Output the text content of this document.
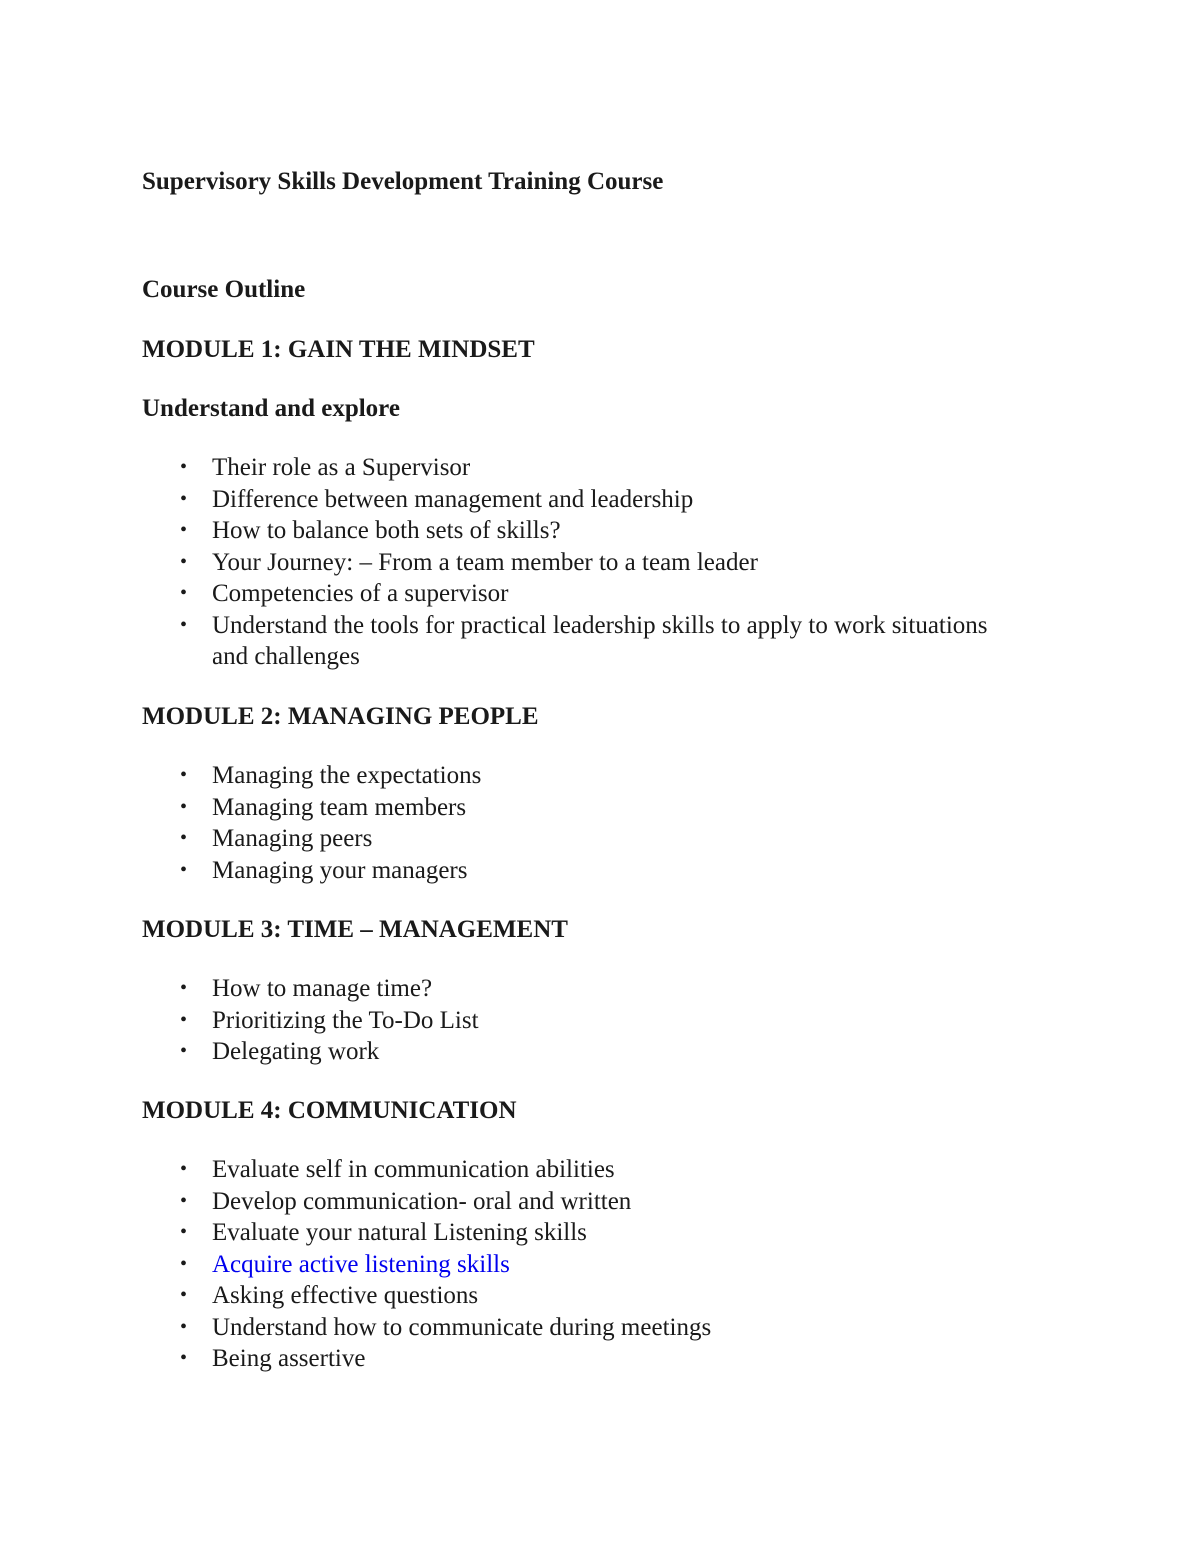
Supervisory Skills Development Training Course
Course Outline
MODULE 1: GAIN THE MINDSET
Understand and explore
• Their role as a Supervisor
• Difference between management and leadership
• How to balance both sets of skills?
• Your Journey: – From a team member to a team leader
• Competencies of a supervisor
• Understand the tools for practical leadership skills to apply to work situations and challenges
MODULE 2: MANAGING PEOPLE
• Managing the expectations
• Managing team members
• Managing peers
• Managing your managers
MODULE 3: TIME – MANAGEMENT
• How to manage time?
• Prioritizing the To-Do List
• Delegating work
MODULE 4: COMMUNICATION
• Evaluate self in communication abilities
• Develop communication- oral and written
• Evaluate your natural Listening skills
• Acquire active listening skills
• Asking effective questions
• Understand how to communicate during meetings
• Being assertive
